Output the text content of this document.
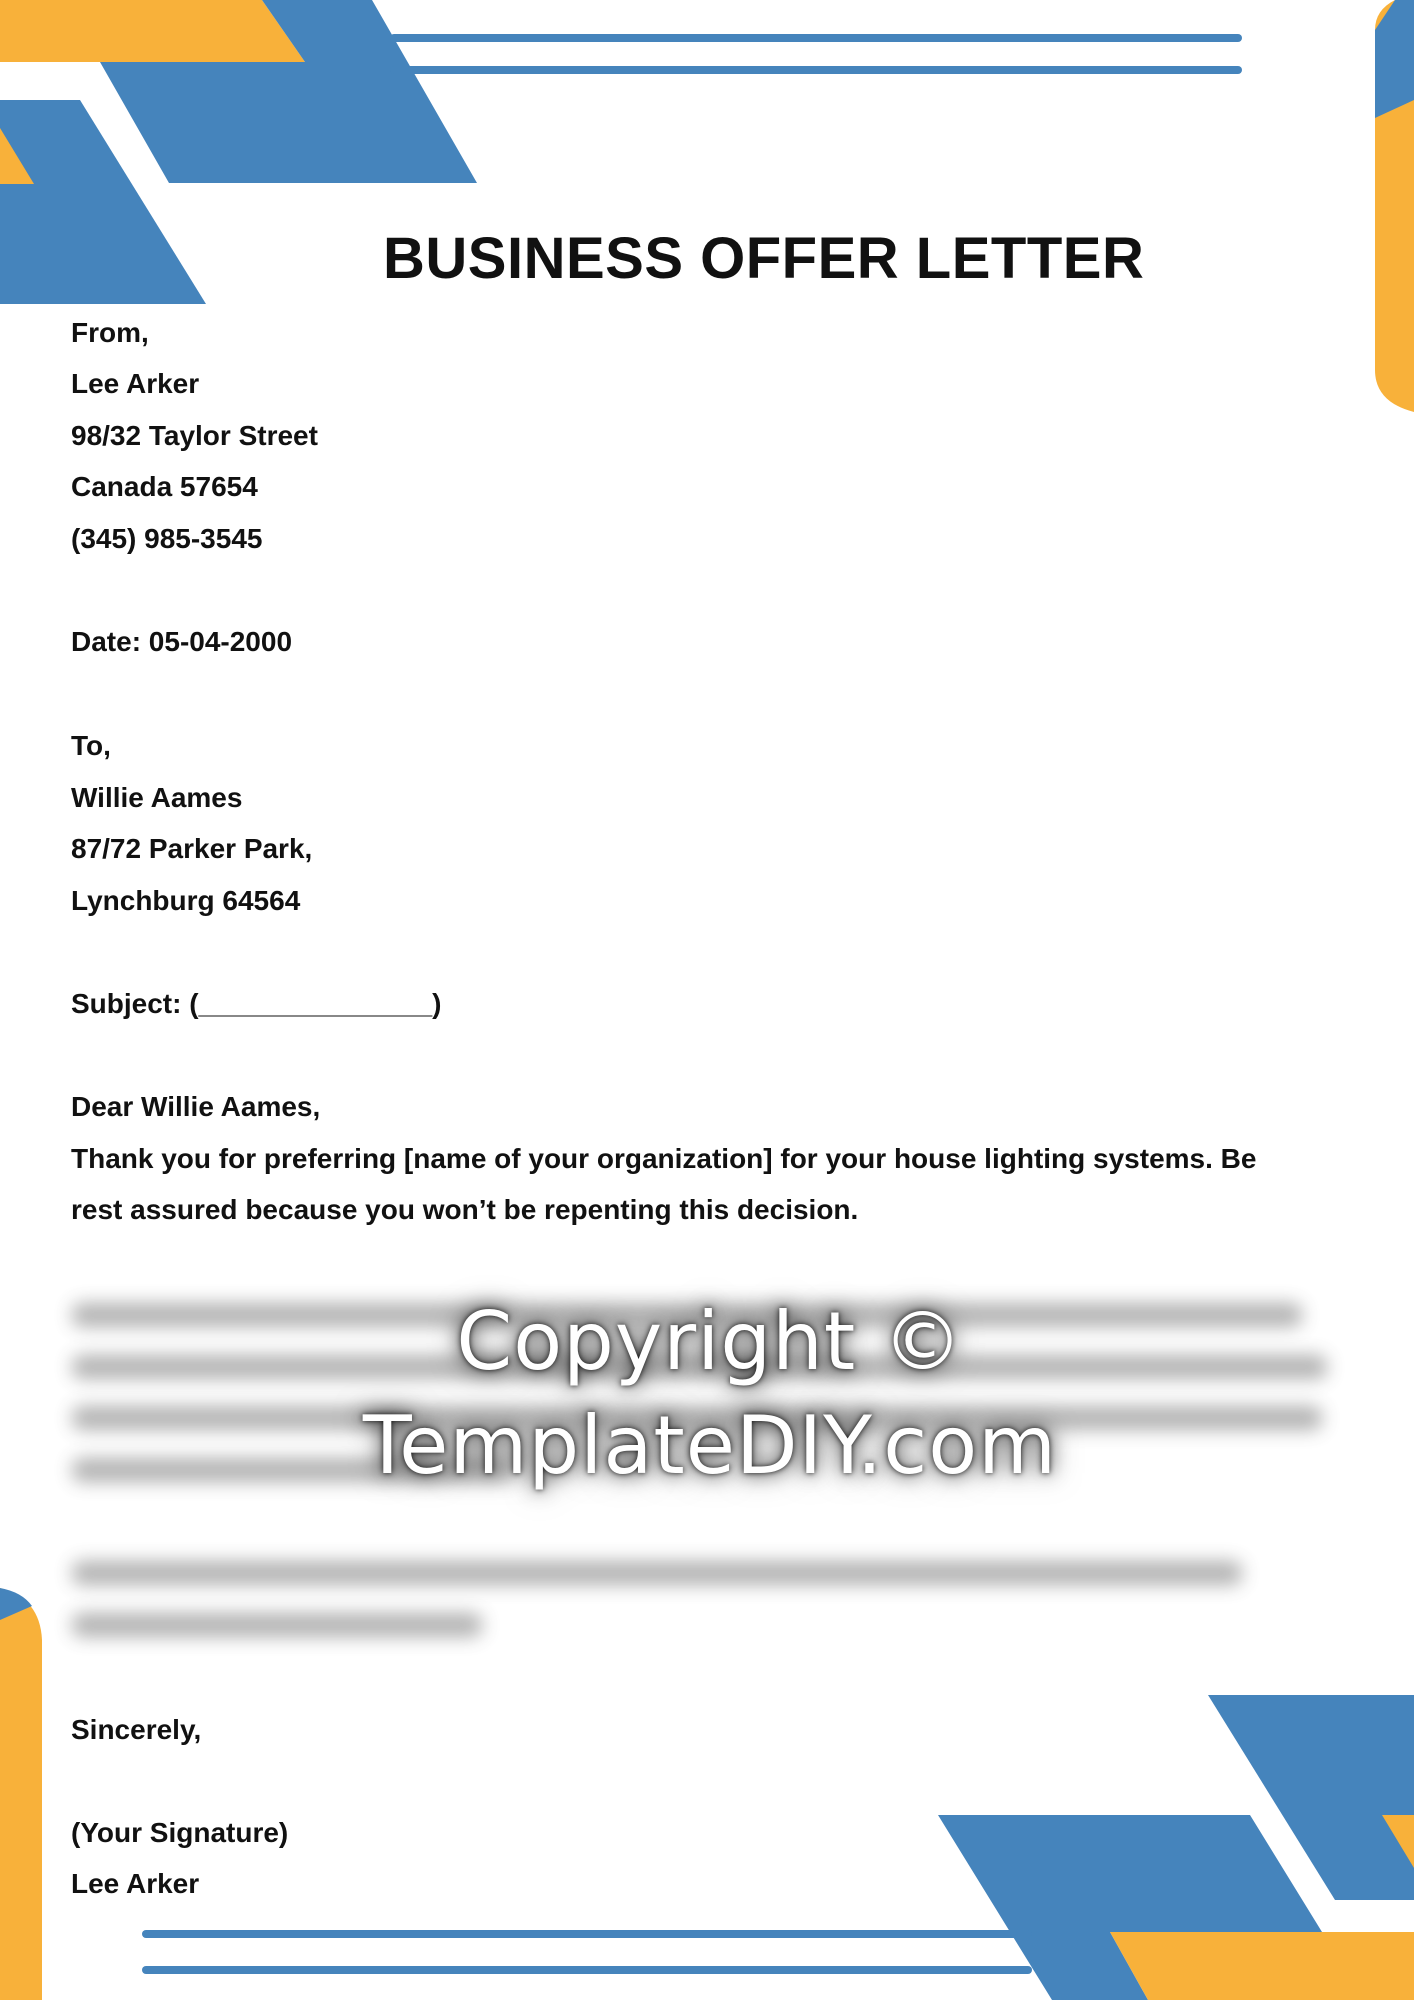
BUSINESS OFFER LETTER

From,

Lee Arker

98/32 Taylor Street

Canada 57654

(345) 985-3545

Date: 05-04-2000

To,

Willie Aames

87/72 Parker Park,

Lynchburg 64564

Subject: (_______________)

Dear Willie Aames,

Thank you for preferring [name of your organization] for your house lighting systems. Be

rest assured because you won’t be repenting this decision.

Copyright ©
TemplateDIY.com

Sincerely,

(Your Signature)

Lee Arker
